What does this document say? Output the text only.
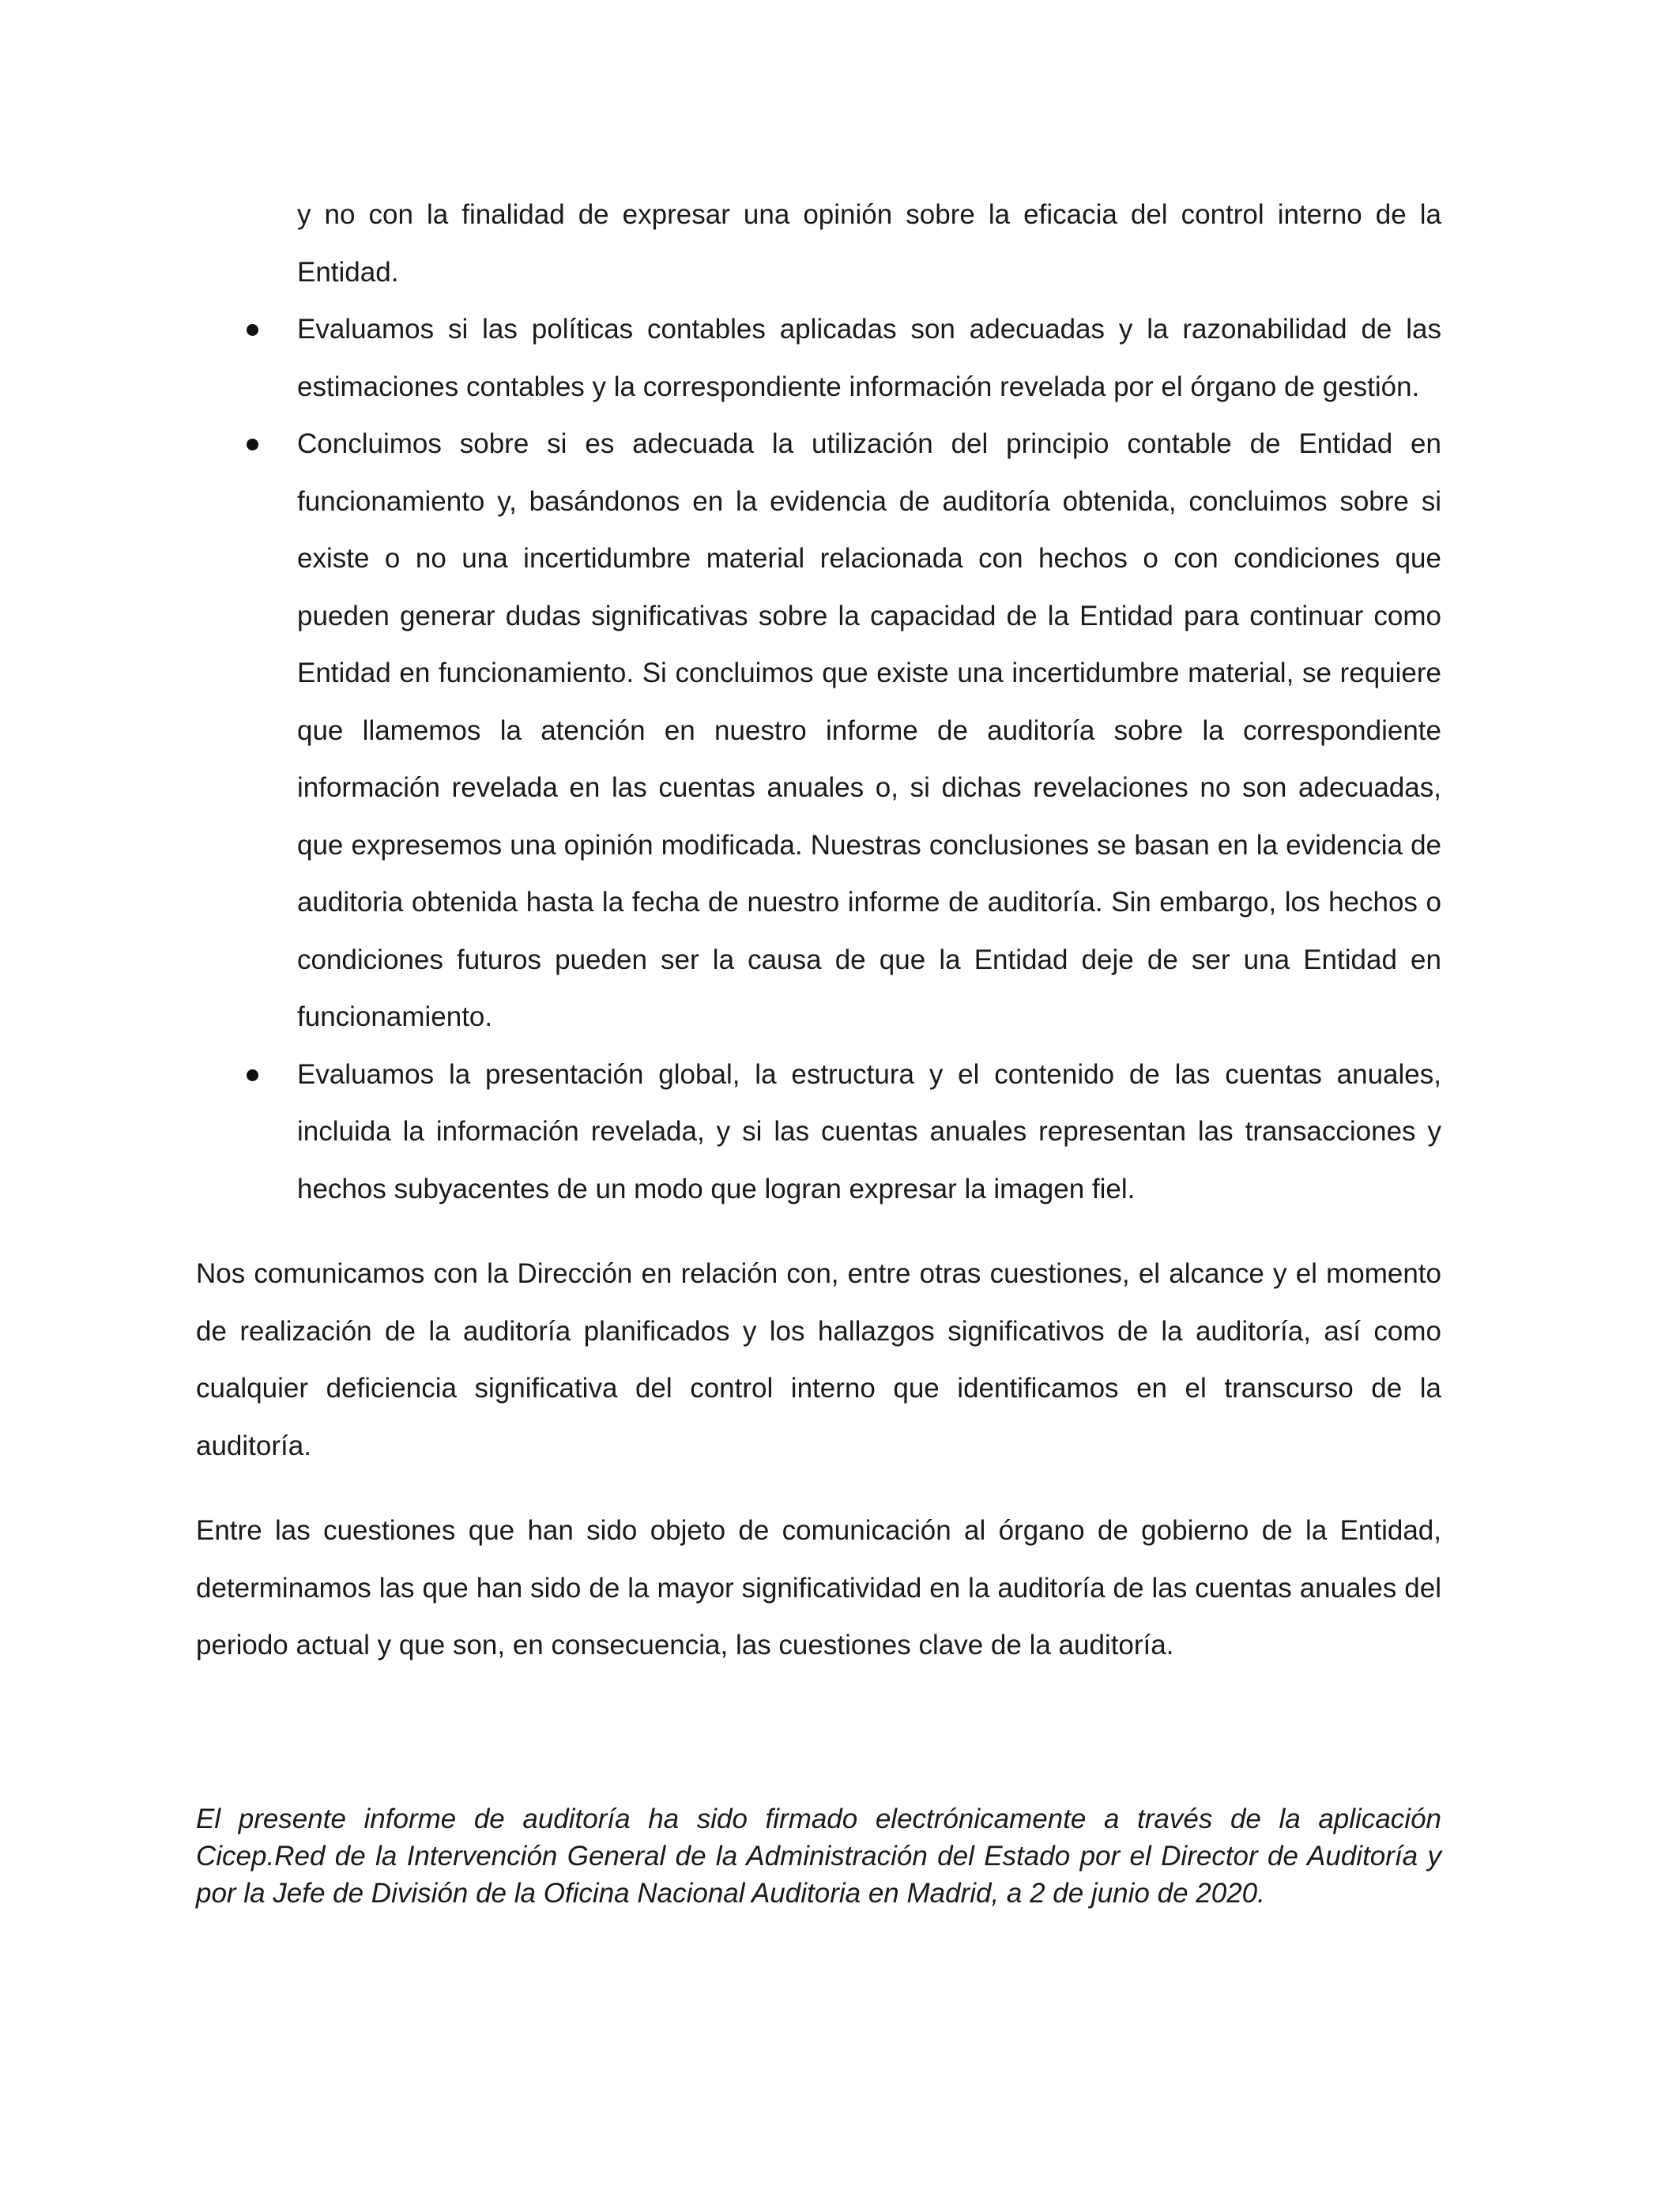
y no con la finalidad de expresar una opinión sobre la eficacia del control interno de la Entidad.

Evaluamos si las políticas contables aplicadas son adecuadas y la razonabilidad de las estimaciones contables y la correspondiente información revelada por el órgano de gestión.
Concluimos sobre si es adecuada la utilización del principio contable de Entidad en funcionamiento y, basándonos en la evidencia de auditoría obtenida, concluimos sobre si existe o no una incertidumbre material relacionada con hechos o con condiciones que pueden generar dudas significativas sobre la capacidad de la Entidad para continuar como Entidad en funcionamiento. Si concluimos que existe una incertidumbre material, se requiere que llamemos la atención en nuestro informe de auditoría sobre la correspondiente información revelada en las cuentas anuales o, si dichas revelaciones no son adecuadas, que expresemos una opinión modificada. Nuestras conclusiones se basan en la evidencia de auditoria obtenida hasta la fecha de nuestro informe de auditoría. Sin embargo, los hechos o condiciones futuros pueden ser la causa de que la Entidad deje de ser una Entidad en funcionamiento.
Evaluamos la presentación global, la estructura y el contenido de las cuentas anuales, incluida la información revelada, y si las cuentas anuales representan las transacciones y hechos subyacentes de un modo que logran expresar la imagen fiel.

Nos comunicamos con la Dirección en relación con, entre otras cuestiones, el alcance y el momento de realización de la auditoría planificados y los hallazgos significativos de la auditoría, así como cualquier deficiencia significativa del control interno que identificamos en el transcurso de la auditoría.

Entre las cuestiones que han sido objeto de comunicación al órgano de gobierno de la Entidad, determinamos las que han sido de la mayor significatividad en la auditoría de las cuentas anuales del periodo actual y que son, en consecuencia, las cuestiones clave de la auditoría.

El presente informe de auditoría ha sido firmado electrónicamente a través de la aplicación Cicep.Red de la Intervención General de la Administración del Estado por el Director de Auditoría y por la Jefe de División de la Oficina Nacional Auditoria en Madrid, a 2 de junio de 2020.
